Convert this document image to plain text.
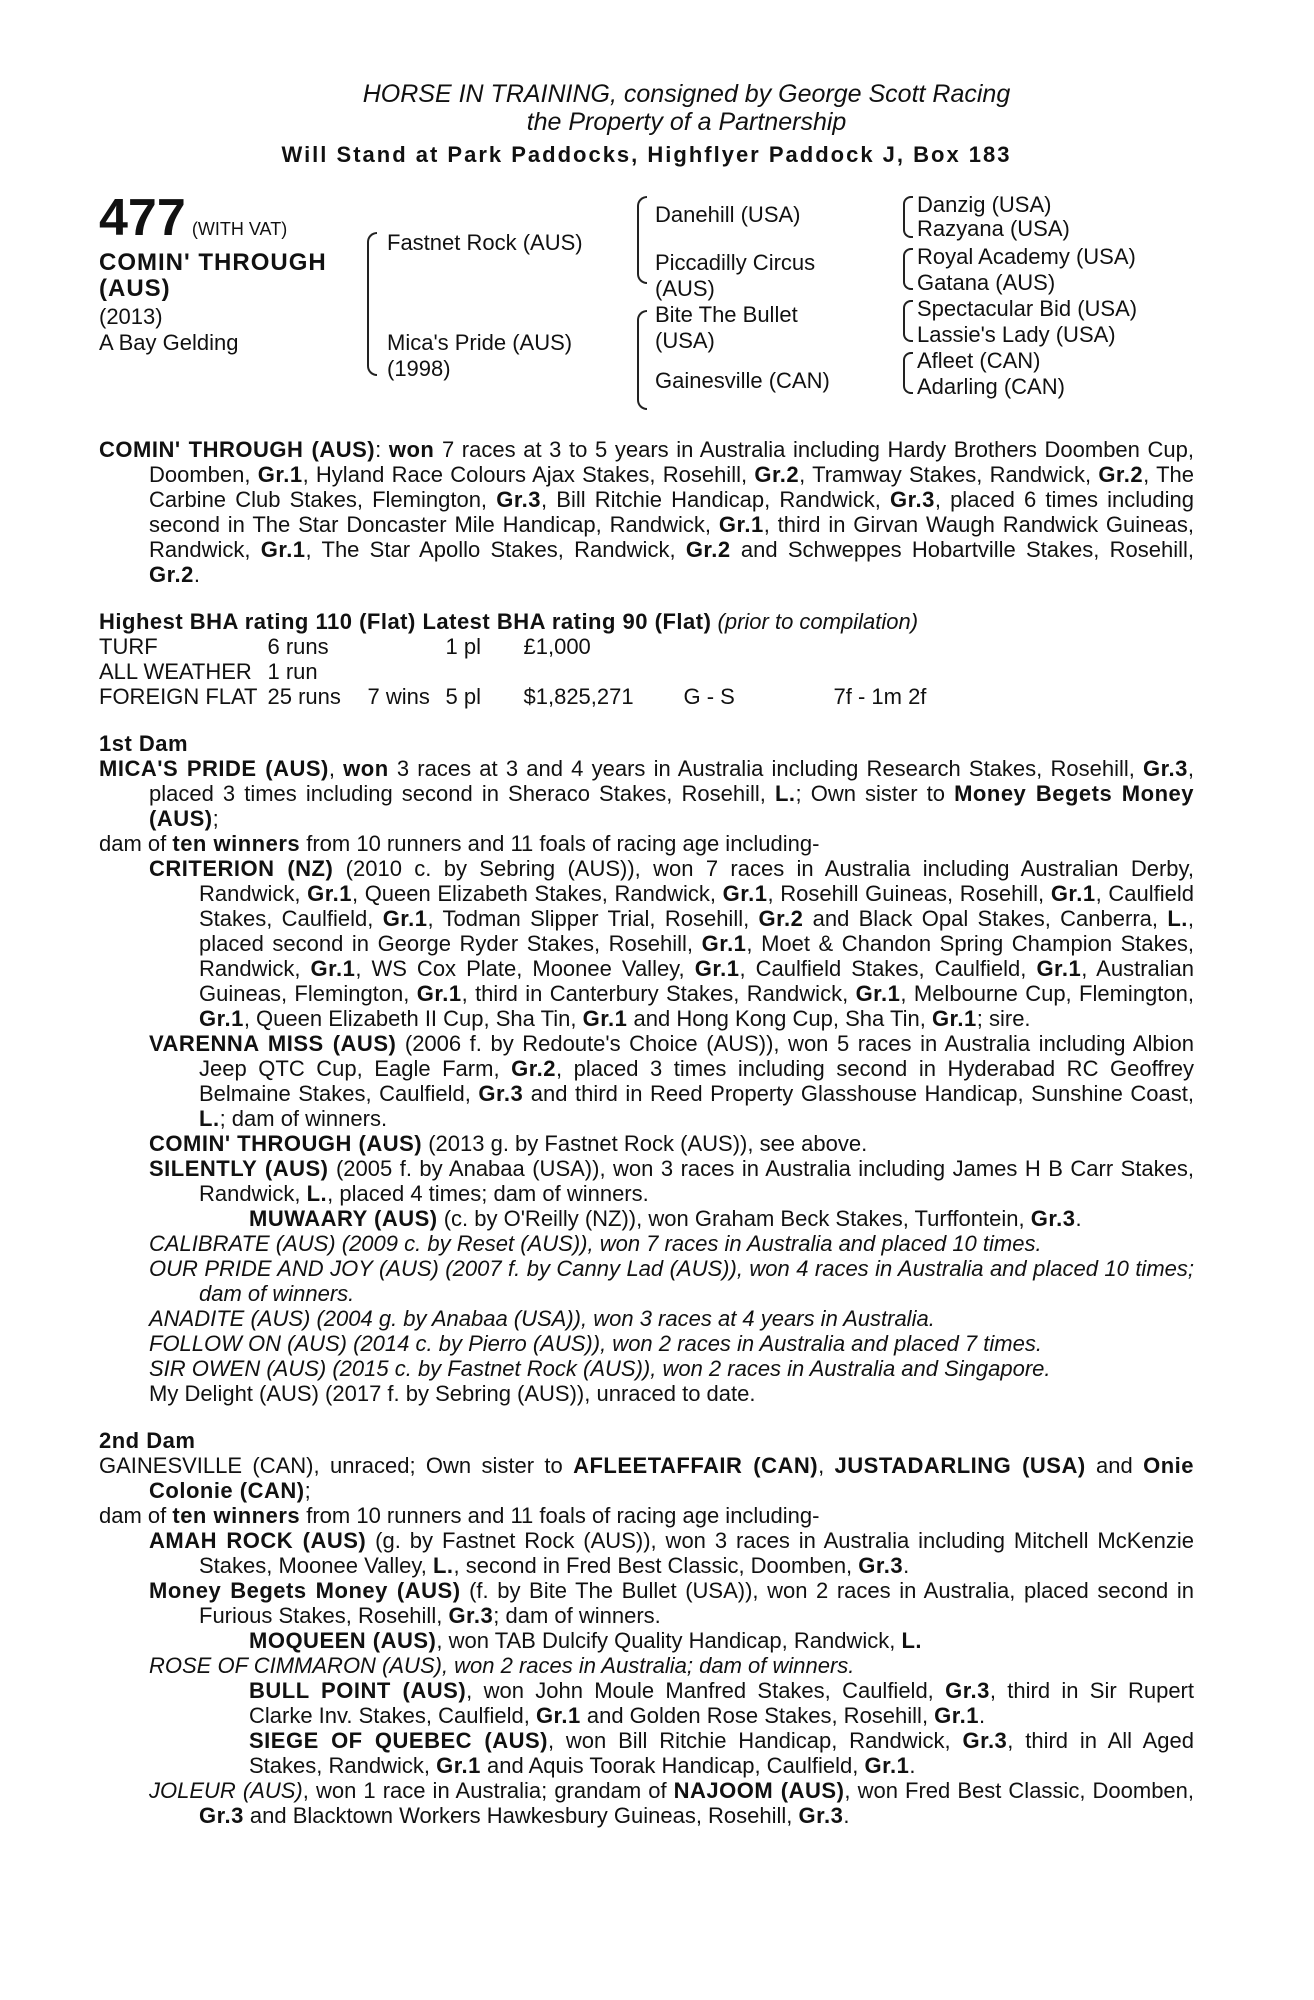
HORSE IN TRAINING, consigned by George Scott Racing
the Property of a Partnership
Will Stand at Park Paddocks, Highflyer Paddock J, Box 183
477 (WITH VAT)
COMIN' THROUGH
(AUS)
(2013)
A Bay Gelding
Fastnet Rock (AUS)
Mica's Pride (AUS)
(1998)
Danehill (USA)
Piccadilly Circus
(AUS)
Bite The Bullet
(USA)
Gainesville (CAN)
Danzig (USA)
Razyana (USA)
Royal Academy (USA)
Gatana (AUS)
Spectacular Bid (USA)
Lassie's Lady (USA)
Afleet (CAN)
Adarling (CAN)

COMIN' THROUGH (AUS): won 7 races at 3 to 5 years in Australia including Hardy Brothers Doomben Cup, Doomben, Gr.1, Hyland Race Colours Ajax Stakes, Rosehill, Gr.2, Tramway Stakes, Randwick, Gr.2, The Carbine Club Stakes, Flemington, Gr.3, Bill Ritchie Handicap, Randwick, Gr.3, placed 6 times including second in The Star Doncaster Mile Handicap, Randwick, Gr.1, third in Girvan Waugh Randwick Guineas, Randwick, Gr.1, The Star Apollo Stakes, Randwick, Gr.2 and Schweppes Hobartville Stakes, Rosehill, Gr.2.

Highest BHA rating 110 (Flat) Latest BHA rating 90 (Flat) (prior to compilation)

TURF	6 runs		1 pl	£1,000		
ALL WEATHER	1 run					
FOREIGN FLAT	25 runs	7 wins	5 pl	$1,825,271	G - S	7f - 1m 2f

1st Dam

MICA'S PRIDE (AUS), won 3 races at 3 and 4 years in Australia including Research Stakes, Rosehill, Gr.3, placed 3 times including second in Sheraco Stakes, Rosehill, L.; Own sister to Money Begets Money (AUS);

dam of ten winners from 10 runners and 11 foals of racing age including-

CRITERION (NZ) (2010 c. by Sebring (AUS)), won 7 races in Australia including Australian Derby, Randwick, Gr.1, Queen Elizabeth Stakes, Randwick, Gr.1, Rosehill Guineas, Rosehill, Gr.1, Caulfield Stakes, Caulfield, Gr.1, Todman Slipper Trial, Rosehill, Gr.2 and Black Opal Stakes, Canberra, L., placed second in George Ryder Stakes, Rosehill, Gr.1, Moet & Chandon Spring Champion Stakes, Randwick, Gr.1, WS Cox Plate, Moonee Valley, Gr.1, Caulfield Stakes, Caulfield, Gr.1, Australian Guineas, Flemington, Gr.1, third in Canterbury Stakes, Randwick, Gr.1, Melbourne Cup, Flemington, Gr.1, Queen Elizabeth II Cup, Sha Tin, Gr.1 and Hong Kong Cup, Sha Tin, Gr.1; sire.

VARENNA MISS (AUS) (2006 f. by Redoute's Choice (AUS)), won 5 races in Australia including Albion Jeep QTC Cup, Eagle Farm, Gr.2, placed 3 times including second in Hyderabad RC Geoffrey Belmaine Stakes, Caulfield, Gr.3 and third in Reed Property Glasshouse Handicap, Sunshine Coast, L.; dam of winners.

COMIN' THROUGH (AUS) (2013 g. by Fastnet Rock (AUS)), see above.

SILENTLY (AUS) (2005 f. by Anabaa (USA)), won 3 races in Australia including James H B Carr Stakes, Randwick, L., placed 4 times; dam of winners.

MUWAARY (AUS) (c. by O'Reilly (NZ)), won Graham Beck Stakes, Turffontein, Gr.3.

CALIBRATE (AUS) (2009 c. by Reset (AUS)), won 7 races in Australia and placed 10 times.

OUR PRIDE AND JOY (AUS) (2007 f. by Canny Lad (AUS)), won 4 races in Australia and placed 10 times; dam of winners.

ANADITE (AUS) (2004 g. by Anabaa (USA)), won 3 races at 4 years in Australia.

FOLLOW ON (AUS) (2014 c. by Pierro (AUS)), won 2 races in Australia and placed 7 times.

SIR OWEN (AUS) (2015 c. by Fastnet Rock (AUS)), won 2 races in Australia and Singapore.

My Delight (AUS) (2017 f. by Sebring (AUS)), unraced to date.

2nd Dam

GAINESVILLE (CAN), unraced; Own sister to AFLEETAFFAIR (CAN), JUSTADARLING (USA) and Onie Colonie (CAN);

dam of ten winners from 10 runners and 11 foals of racing age including-

AMAH ROCK (AUS) (g. by Fastnet Rock (AUS)), won 3 races in Australia including Mitchell McKenzie Stakes, Moonee Valley, L., second in Fred Best Classic, Doomben, Gr.3.

Money Begets Money (AUS) (f. by Bite The Bullet (USA)), won 2 races in Australia, placed second in Furious Stakes, Rosehill, Gr.3; dam of winners.

MOQUEEN (AUS), won TAB Dulcify Quality Handicap, Randwick, L.

ROSE OF CIMMARON (AUS), won 2 races in Australia; dam of winners.

BULL POINT (AUS), won John Moule Manfred Stakes, Caulfield, Gr.3, third in Sir Rupert Clarke Inv. Stakes, Caulfield, Gr.1 and Golden Rose Stakes, Rosehill, Gr.1.

SIEGE OF QUEBEC (AUS), won Bill Ritchie Handicap, Randwick, Gr.3, third in All Aged Stakes, Randwick, Gr.1 and Aquis Toorak Handicap, Caulfield, Gr.1.

JOLEUR (AUS), won 1 race in Australia; grandam of NAJOOM (AUS), won Fred Best Classic, Doomben, Gr.3 and Blacktown Workers Hawkesbury Guineas, Rosehill, Gr.3.
